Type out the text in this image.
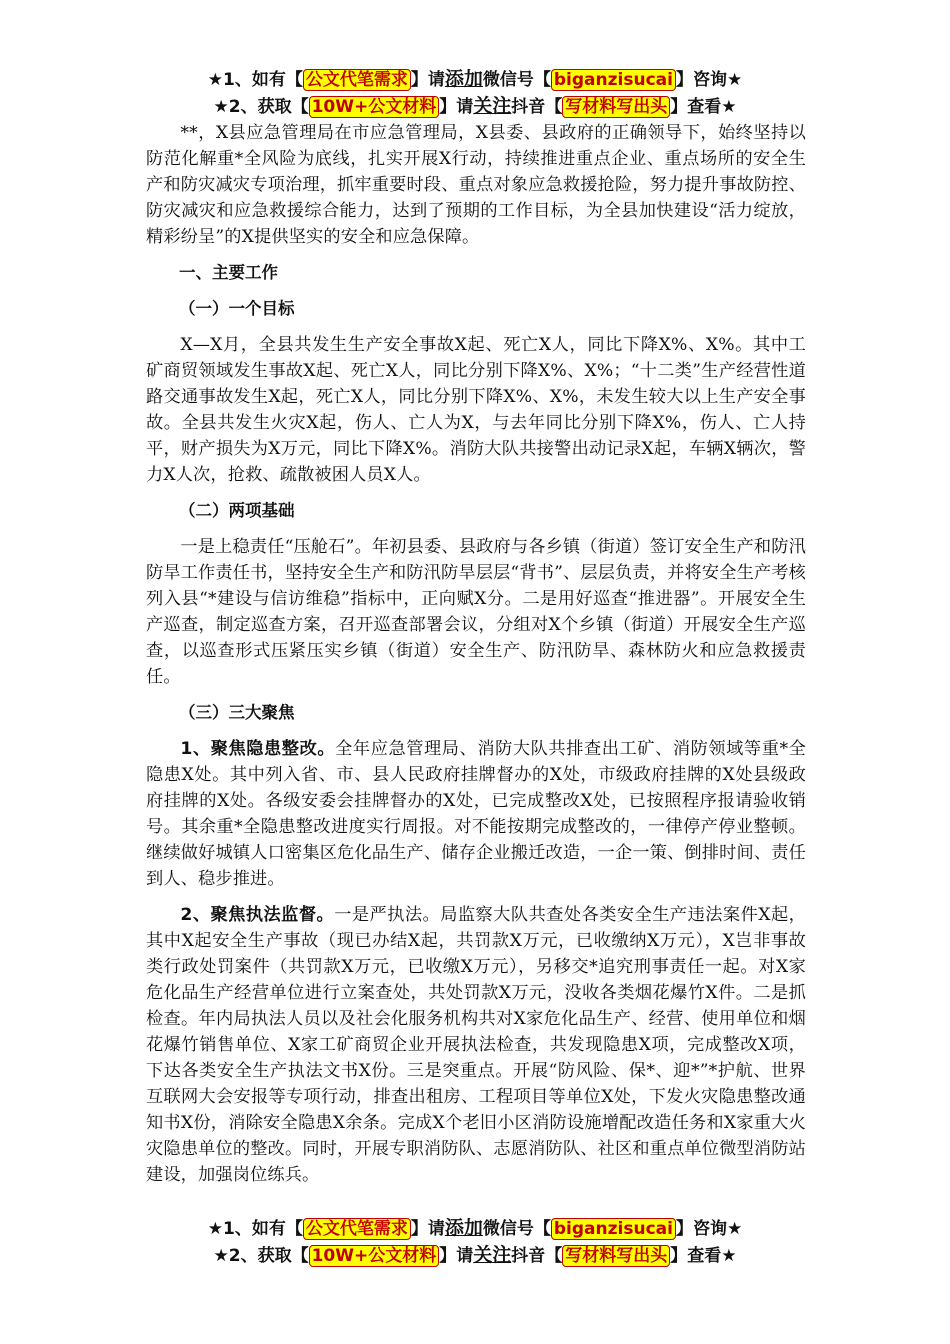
★1、如有【 公文代笔需求 】请添加微信号【 biganzisucai 】咨询★
★2、获取【 10W+公文材料 】请关注抖音【 写材料写出头 】查看★

**，X县应急管理局在市应急管理局，X县委、县政府的正确领导下，始终坚持以防范化解重*全风险为底线，扎实开展X行动，持续推进重点企业、重点场所的安全生产和防灾减灾专项治理，抓牢重要时段、重点对象应急救援抢险，努力提升事故防控、防灾减灾和应急救援综合能力，达到了预期的工作目标，为全县加快建设“活力绽放，精彩纷呈”的X提供坚实的安全和应急保障。

一、主要工作
（一）一个目标

X—X月，全县共发生生产安全事故X起、死亡X人，同比下降X%、X%。其中工矿商贸领域发生事故X起、死亡X人，同比分别下降X%、X%；“十二类”生产经营性道路交通事故发生X起，死亡X人，同比分别下降X%、X%，未发生较大以上生产安全事故。全县共发生火灾X起，伤人、亡人为X，与去年同比分别下降X%，伤人、亡人持平，财产损失为X万元，同比下降X%。消防大队共接警出动记录X起，车辆X辆次，警力X人次，抢救、疏散被困人员X人。

（二）两项基础

一是上稳责任“压舱石”。年初县委、县政府与各乡镇（街道）签订安全生产和防汛防旱工作责任书，坚持安全生产和防汛防旱层层“背书”、层层负责，并将安全生产考核列入县“*建设与信访维稳”指标中，正向赋X分。二是用好巡查“推进器”。开展安全生产巡查，制定巡查方案，召开巡查部署会议，分组对X个乡镇（街道）开展安全生产巡查，以巡查形式压紧压实乡镇（街道）安全生产、防汛防旱、森林防火和应急救援责任。

（三）三大聚焦

1、聚焦隐患整改。全年应急管理局、消防大队共排查出工矿、消防领域等重*全隐患X处。其中列入省、市、县人民政府挂牌督办的X处，市级政府挂牌的X处县级政府挂牌的X处。各级安委会挂牌督办的X处，已完成整改X处，已按照程序报请验收销号。其余重*全隐患整改进度实行周报。对不能按期完成整改的，一律停产停业整顿。继续做好城镇人口密集区危化品生产、储存企业搬迁改造，一企一策、倒排时间、责任到人、稳步推进。

2、聚焦执法监督。一是严执法。局监察大队共查处各类安全生产违法案件X起，其中X起安全生产事故（现已办结X起，共罚款X万元，已收缴纳X万元），X岂非事故类行政处罚案件（共罚款X万元，已收缴X万元），另移交*追究刑事责任一起。对X家危化品生产经营单位进行立案查处，共处罚款X万元，没收各类烟花爆竹X件。二是抓检查。年内局执法人员以及社会化服务机构共对X家危化品生产、经营、使用单位和烟花爆竹销售单位、X家工矿商贸企业开展执法检查，共发现隐患X项，完成整改X项，下达各类安全生产执法文书X份。三是突重点。开展“防风险、保*、迎*”*护航、世界互联网大会安报等专项行动，排查出租房、工程项目等单位X处，下发火灾隐患整改通知书X份，消除安全隐患X余条。完成X个老旧小区消防设施增配改造任务和X家重大火灾隐患单位的整改。同时，开展专职消防队、志愿消防队、社区和重点单位微型消防站建设，加强岗位练兵。

★1、如有【 公文代笔需求 】请添加微信号【 biganzisucai 】咨询★
★2、获取【 10W+公文材料 】请关注抖音【 写材料写出头 】查看★
